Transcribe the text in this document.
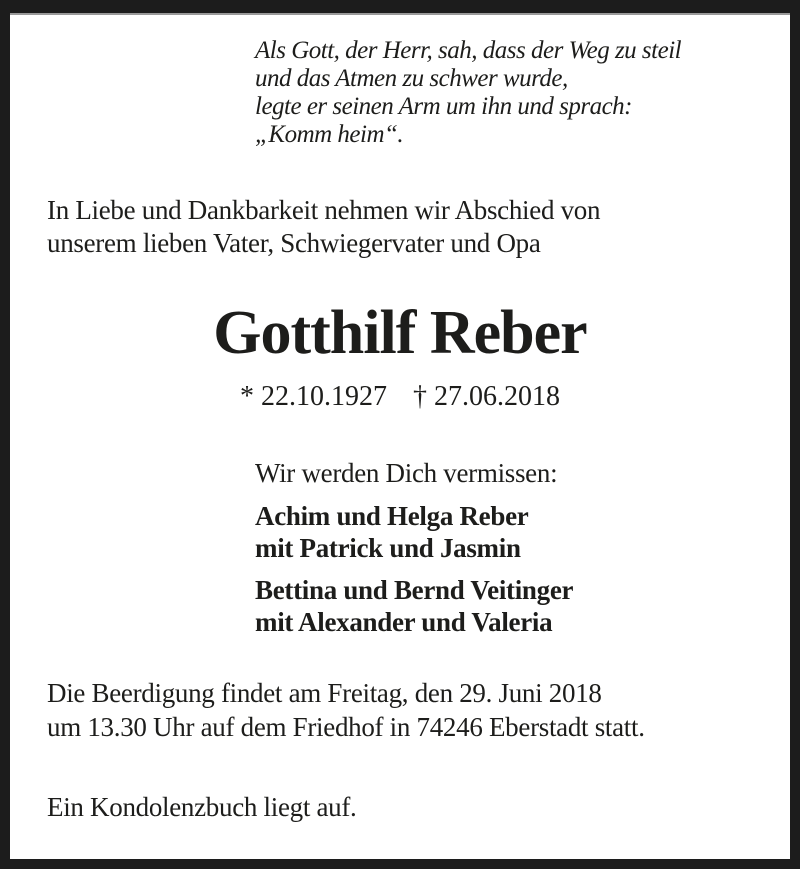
Als Gott, der Herr, sah, dass der Weg zu steil
und das Atmen zu schwer wurde,
legte er seinen Arm um ihn und sprach:
„Komm heim“.
In Liebe und Dankbarkeit nehmen wir Abschied von
unserem lieben Vater, Schwiegervater und Opa
Gotthilf Reber
* 22.10.1927 † 27.06.2018

Wir werden Dich vermissen:

Achim und Helga Reber
mit Patrick und Jasmin
Bettina und Bernd Veitinger
mit Alexander und Valeria
Die Beerdigung findet am Freitag, den 29. Juni 2018
um 13.30 Uhr auf dem Friedhof in 74246 Eberstadt statt.
Ein Kondolenzbuch liegt auf.
